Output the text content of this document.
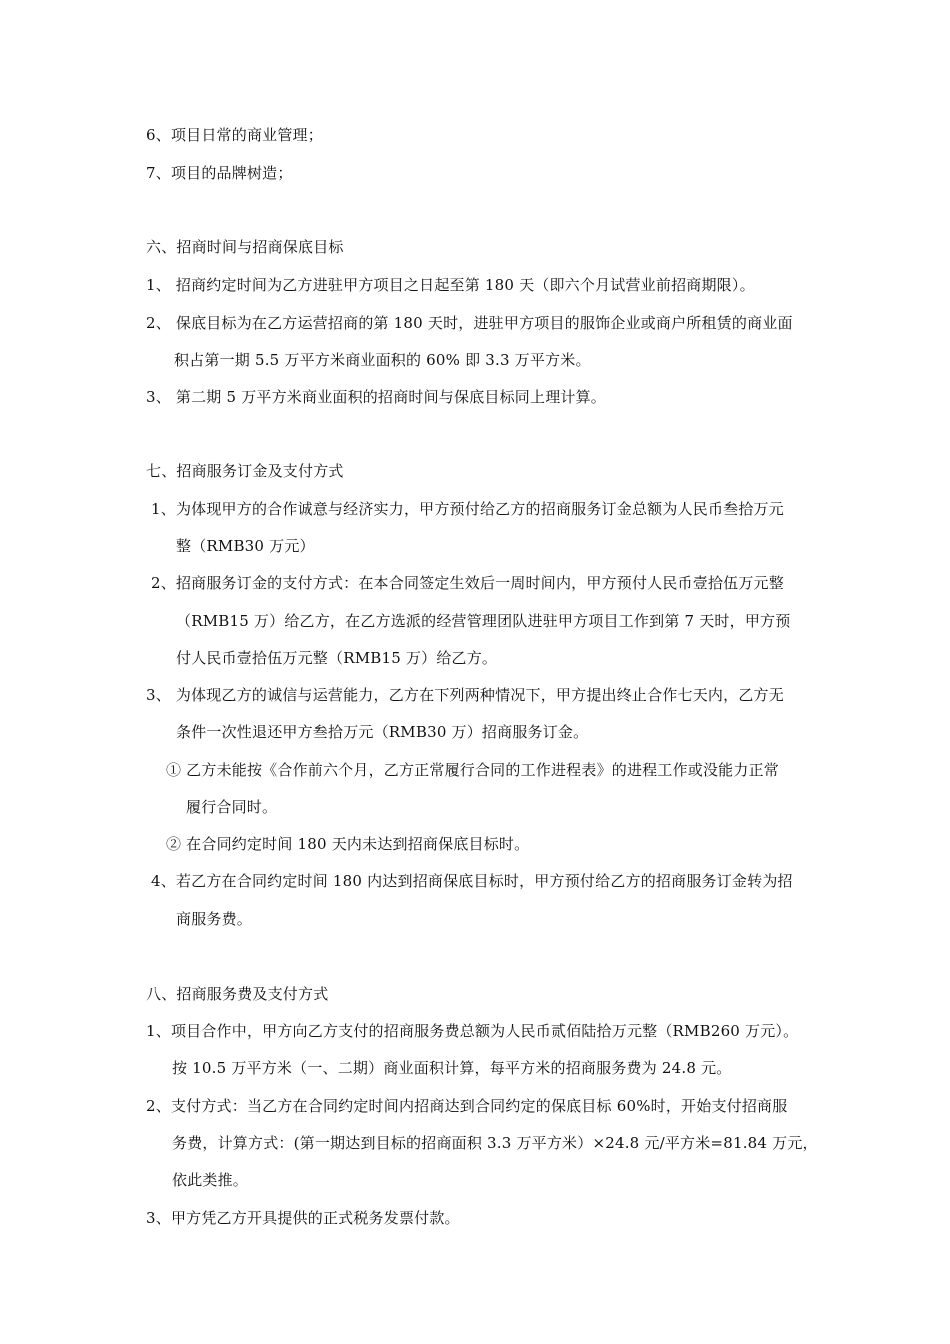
6、项目日常的商业管理；
7、项目的品牌树造；
六、招商时间与招商保底目标
1、 招商约定时间为乙方进驻甲方项目之日起至第 180 天（即六个月试营业前招商期限）。
2、 保底目标为在乙方运营招商的第 180 天时，进驻甲方项目的服饰企业或商户所租赁的商业面
积占第一期 5.5 万平方米商业面积的 60% 即 3.3 万平方米。
3、 第二期 5 万平方米商业面积的招商时间与保底目标同上理计算。
七、招商服务订金及支付方式
1、为体现甲方的合作诚意与经济实力，甲方预付给乙方的招商服务订金总额为人民币叁拾万元
整（RMB30 万元）
2、招商服务订金的支付方式：在本合同签定生效后一周时间内，甲方预付人民币壹拾伍万元整
（RMB15 万）给乙方，在乙方选派的经营管理团队进驻甲方项目工作到第 7 天时，甲方预
付人民币壹拾伍万元整（RMB15 万）给乙方。
3、 为体现乙方的诚信与运营能力，乙方在下列两种情况下，甲方提出终止合作七天内，乙方无
条件一次性退还甲方叁拾万元（RMB30 万）招商服务订金。
① 乙方未能按《合作前六个月，乙方正常履行合同的工作进程表》的进程工作或没能力正常
履行合同时。
② 在合同约定时间 180 天内未达到招商保底目标时。
4、若乙方在合同约定时间 180 内达到招商保底目标时，甲方预付给乙方的招商服务订金转为招
商服务费。
八、招商服务费及支付方式
1、项目合作中，甲方向乙方支付的招商服务费总额为人民币贰佰陆拾万元整（RMB260 万元）。
按 10.5 万平方米（一、二期）商业面积计算，每平方米的招商服务费为 24.8 元。
2、支付方式：当乙方在合同约定时间内招商达到合同约定的保底目标 60%时，开始支付招商服
务费，计算方式：(第一期达到目标的招商面积 3.3 万平方米）×24.8 元/平方米=81.84 万元，
依此类推。
3、甲方凭乙方开具提供的正式税务发票付款。
